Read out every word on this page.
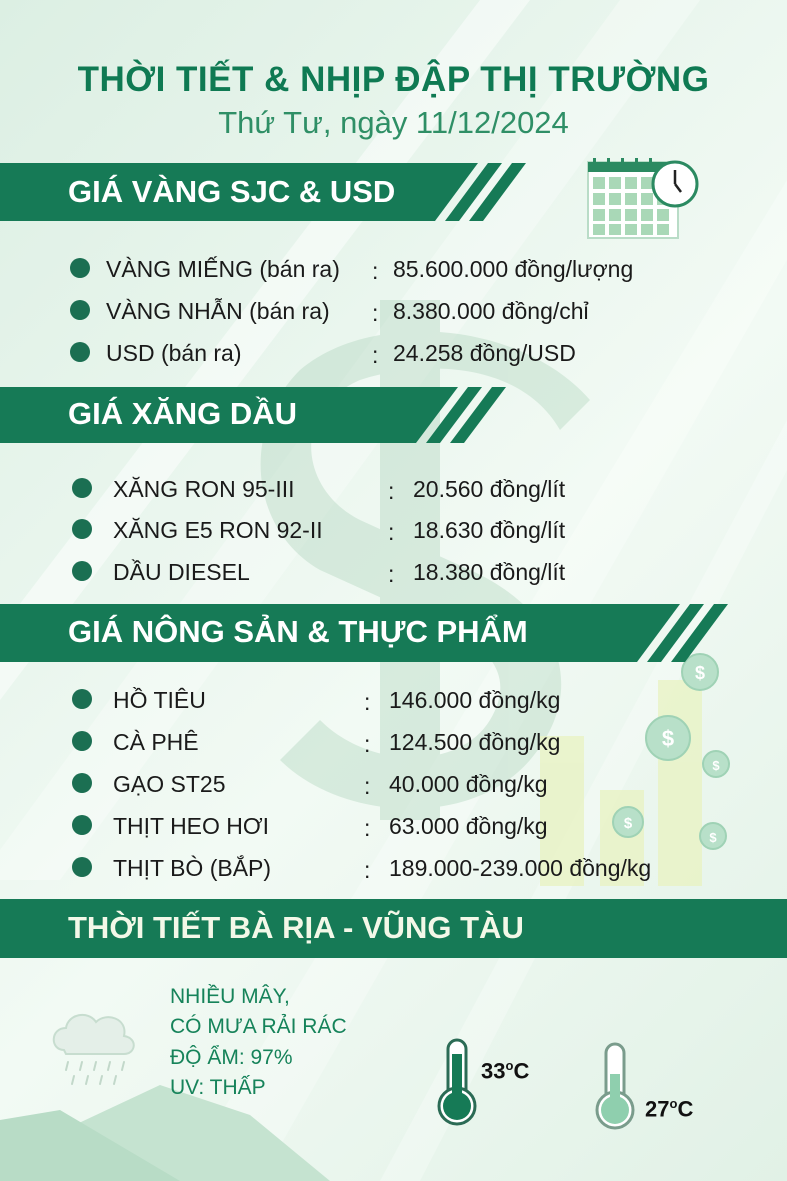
$
$
$
$
$
THỜI TIẾT & NHỊP ĐẬP THỊ TRƯỜNG
Thứ Tư, ngày 11/12/2024
GIÁ VÀNG SJC & USD
GIÁ XĂNG DẦU
GIÁ NÔNG SẢN & THỰC PHẨM
THỜI TIẾT BÀ RỊA - VŨNG TÀU
VÀNG MIẾNG (bán ra) : 85.600.000 đồng/lượng
VÀNG NHẪN (bán ra) : 8.380.000 đồng/chỉ
USD (bán ra)	: 24.258 đồng/USD
XĂNG RON 95-III	: 20.560 đồng/lít
XĂNG E5 RON 92-II	: 18.630 đồng/lít
DẦU DIESEL	: 18.380 đồng/lít
HỒ TIÊU	: 146.000 đồng/kg
CÀ PHÊ	: 124.500 đồng/kg
GẠO ST25	: 40.000 đồng/kg
THỊT HEO HƠI	: 63.000 đồng/kg
THỊT BÒ (BẮP)	: 189.000-239.000 đồng/kg
NHIỀU MÂY,
CÓ MƯA RẢI RÁC
ĐỘ ẨM: 97%
UV: THẤP
33$^o$C
27$^o$C
